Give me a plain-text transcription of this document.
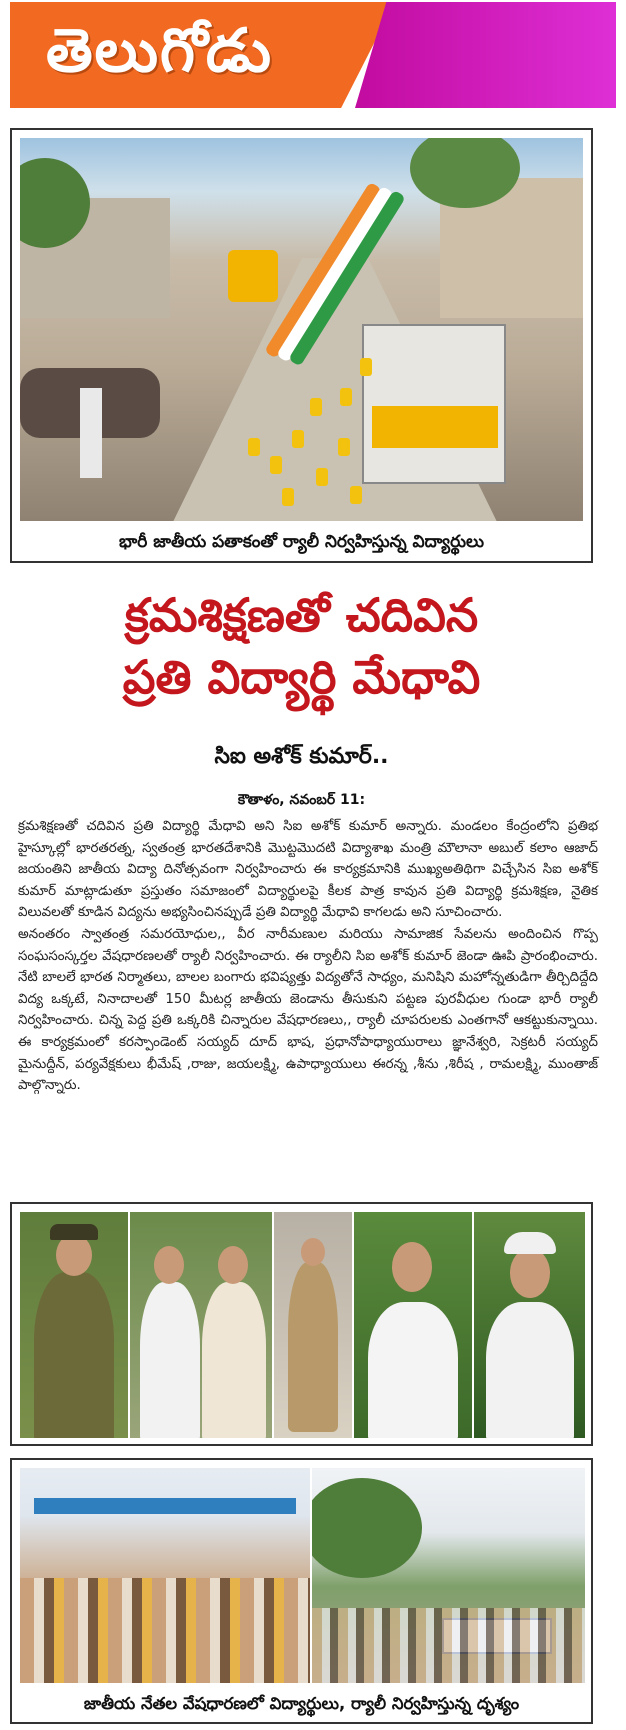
తెలుగోడు
భారీ జాతీయ పతాకంతో ర్యాలీ నిర్వహిస్తున్న విద్యార్థులు
క్రమశిక్షణతో చదివిన
ప్రతి విద్యార్థి మేధావి
సిఐ అశోక్ కుమార్..
కౌతాళం, నవంబర్ 11:

క్రమశిక్షణతో చదివిన ప్రతి విద్యార్థి మేధావి అని సిఐ అశోక్ కుమార్ అన్నారు. మండలం కేంద్రంలోని ప్రతిభ హైస్కూల్లో భారతరత్న, స్వతంత్ర భారతదేశానికి మొట్టమొదటి విద్యాశాఖ మంత్రి మౌలానా అబుల్ కలాం ఆజాద్ జయంతిని జాతీయ విద్యా దినోత్సవంగా నిర్వహించారు ఈ కార్యక్రమానికి ముఖ్యఅతిథిగా విచ్చేసిన సిఐ అశోక్ కుమార్ మాట్లాడుతూ ప్రస్తుతం సమాజంలో విద్యార్థులపై కీలక పాత్ర కావున ప్రతి విద్యార్థి క్రమశిక్షణ, నైతిక విలువలతో కూడిన విద్యను అభ్యసించినప్పుడే ప్రతి విద్యార్థి మేధావి కాగలడు అని సూచించారు.

అనంతరం స్వాతంత్ర సమరయోధుల,, వీర నారీమణుల మరియు సామాజిక సేవలను అందించిన గొప్ప సంఘసంస్కర్తల వేషధారణలతో ర్యాలీ నిర్వహించారు. ఈ ర్యాలీని సిఐ అశోక్ కుమార్ జెండా ఊపి ప్రారంభించారు. నేటి బాలలే భారత నిర్మాతలు, బాలల బంగారు భవిష్యత్తు విద్యతోనే సాధ్యం, మనిషిని మహోన్నతుడిగా తీర్చిదిద్దేది విద్య ఒక్కటే, నినాదాలతో 150 మీటర్ల జాతీయ జెండాను తీసుకుని పట్టణ పురవీధుల గుండా భారీ ర్యాలీ నిర్వహించారు. చిన్న పెద్ద ప్రతి ఒక్కరికి చిన్నారుల వేషధారణలు,, ర్యాలీ చూపరులకు ఎంతగానో ఆకట్టుకున్నాయి. ఈ కార్యక్రమంలో కరస్పాండెంట్ సయ్యద్ దూద్ భాష, ప్రధానోపాధ్యాయురాలు జ్ఞానేశ్వరి, సెక్రటరీ సయ్యద్ మైనుద్దీన్, పర్యవేక్షకులు భీమేష్ ,రాజు, జయలక్ష్మి, ఉపాధ్యాయులు ఈరన్న ,శీను ,శిరీష , రామలక్ష్మి, ముంతాజ్ పాల్గొన్నారు.

జాతీయ నేతల వేషధారణలో విద్యార్థులు, ర్యాలీ నిర్వహిస్తున్న దృశ్యం
